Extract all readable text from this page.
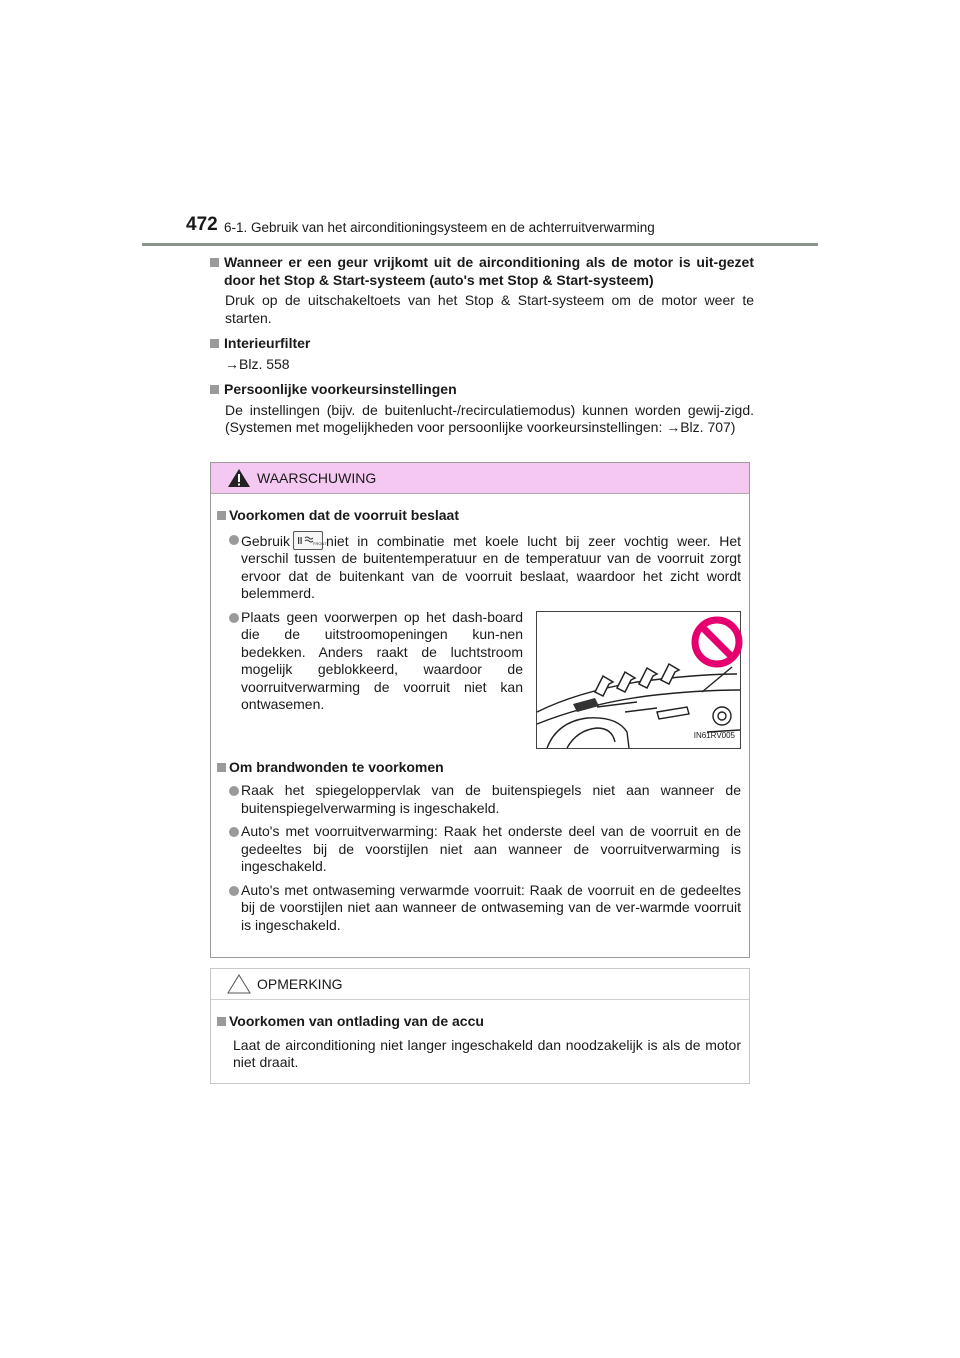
472 6-1. Gebruik van het airconditioningsysteem en de achterruitverwarming
Wanneer er een geur vrijkomt uit de airconditioning als de motor is uit-gezet door het Stop & Start-systeem (auto's met Stop & Start-systeem)
Druk op de uitschakeltoets van het Stop & Start-systeem om de motor weer te starten.
Interieurfilter
→Blz. 558
Persoonlijke voorkeursinstellingen
De instellingen (bijv. de buitenlucht-/recirculatiemodus) kunnen worden gewij-zigd. (Systemen met mogelijkheden voor persoonlijke voorkeursinstellingen: →Blz. 707)
WAARSCHUWING
Voorkomen dat de voorruit beslaat
Gebruik	FRONT niet in combinatie met koele lucht bij zeer vochtig weer. Het verschil tussen de buitentemperatuur en de temperatuur van de voorruit zorgt ervoor dat de buitenkant van de voorruit beslaat, waardoor het zicht wordt belemmerd.
Plaats geen voorwerpen op het dash-board die de uitstroomopeningen kun-nen bedekken. Anders raakt de luchtstroom mogelijk geblokkeerd, waardoor de voorruitverwarming de voorruit niet kan ontwasemen.
IN61RV005
Om brandwonden te voorkomen
Raak het spiegeloppervlak van de buitenspiegels niet aan wanneer de buitenspiegelverwarming is ingeschakeld.
Auto's met voorruitverwarming: Raak het onderste deel van de voorruit en de gedeeltes bij de voorstijlen niet aan wanneer de voorruitverwarming is ingeschakeld.
Auto's met ontwaseming verwarmde voorruit: Raak de voorruit en de gedeeltes bij de voorstijlen niet aan wanneer de ontwaseming van de ver-warmde voorruit is ingeschakeld.
OPMERKING
Voorkomen van ontlading van de accu
Laat de airconditioning niet langer ingeschakeld dan noodzakelijk is als de motor niet draait.
